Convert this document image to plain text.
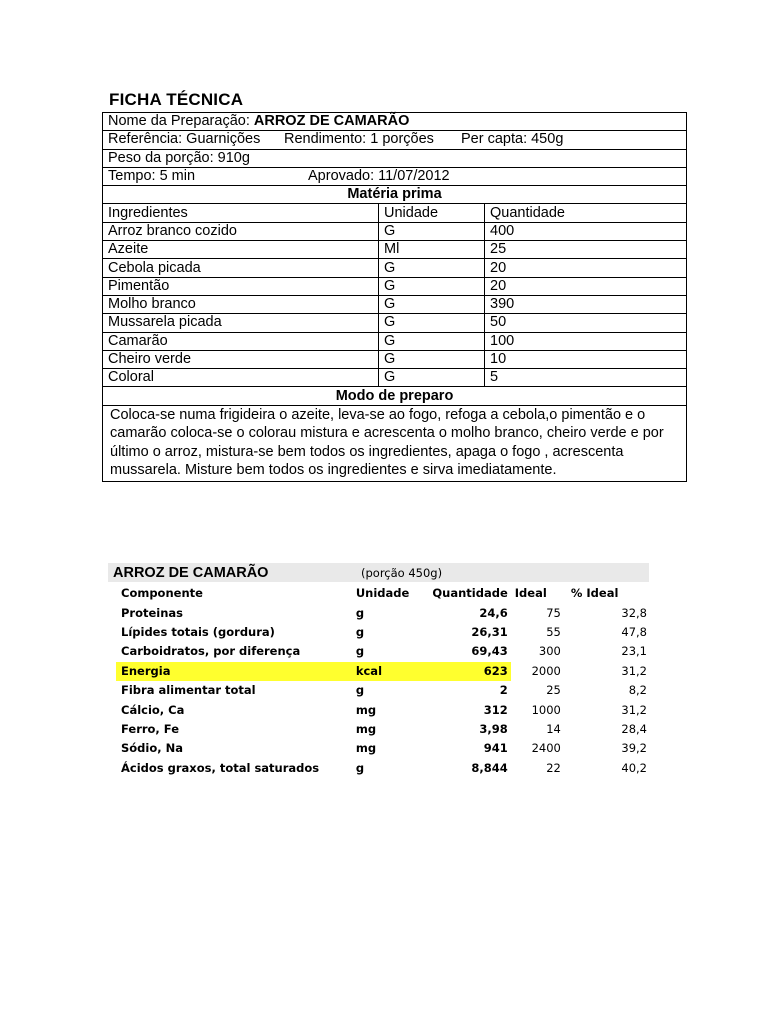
FICHA TÉCNICA
Nome da Preparação: ARROZ DE CAMARÃO		
Referência: Guarnições Rendimento: 1 porções Per capta: 450g		
Peso da porção: 910g		
Tempo: 5 min Aprovado: 11/07/2012		
Matéria prima		
Ingredientes	Unidade	Quantidade
Arroz branco cozido	G	400
Azeite	Ml	25
Cebola picada	G	20
Pimentão	G	20
Molho branco	G	390
Mussarela picada	G	50
Camarão	G	100
Cheiro verde	G	10
Coloral	G	5
Modo de preparo		
Coloca-se numa frigideira o azeite, leva-se ao fogo, refoga a cebola,o pimentão e o camarão coloca-se o colorau mistura e acrescenta o molho branco, cheiro verde e por último o arroz, mistura-se bem todos os ingredientes, apaga o fogo , acrescenta mussarela. Misture bem todos os ingredientes e sirva imediatamente.		
ARROZ DE CAMARÃO	(porção 450g)
Componente	Unidade	Quantidade	Ideal	% Ideal
Proteinas	g	24,6	75	32,8
Lípides totais (gordura)	g	26,31	55	47,8
Carboidratos, por diferença	g	69,43	300	23,1
Energia	kcal	623	2000	31,2
Fibra alimentar total	g	2	25	8,2
Cálcio, Ca	mg	312	1000	31,2
Ferro, Fe	mg	3,98	14	28,4
Sódio, Na	mg	941	2400	39,2
Ácidos graxos, total saturados	g	8,844	22	40,2
